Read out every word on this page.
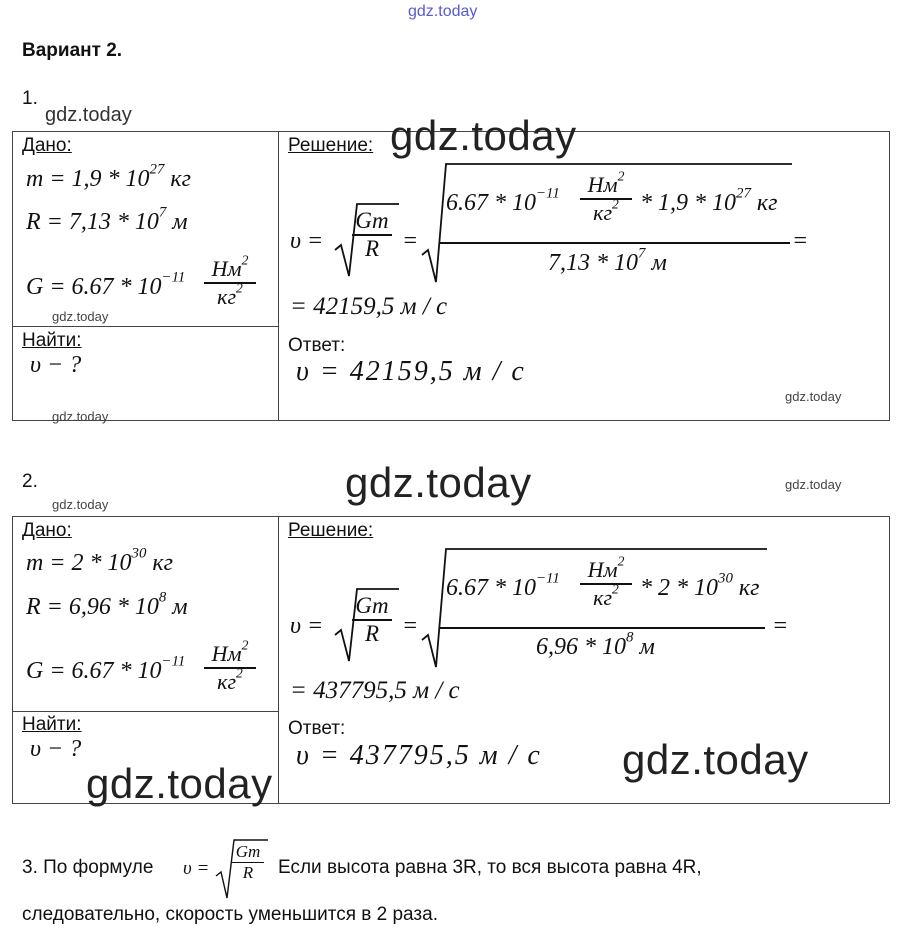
gdz.today
Вариант 2.
1.
gdz.today
Дано:
$m = 1,9 * 10^{27}$ кг
$R = 7,13 * 10^7$ м
$G = 6.67 * 10^{-11}$ $Нм^2$
$кг^2$
gdz.today
Найти:
υ − ?
gdz.today
Решение: gdz.today
υ =
Gm
R =
$6.67 * 10^{-11}$ $Нм^2$
$кг^2 * 1,9 * 10^{27}$ кг
$7,13 * 10^7$ м
=
= 42159,5 м / с
Ответ:
υ = 42159,5 м / с
gdz.today
2.
gdz.today	gdz.today	gdz.today
Дано:
$m = 2 * 10^{30}$ кг
$R = 6,96 * 10^8$ м
$G = 6.67 * 10^{-11}$ $Нм^2$
$кг^2$
Найти:
υ − ?
gdz.today
Решение:
υ =
Gm
R =
$6.67 * 10^{-11}$ $Нм^2$
$кг^2 * 2 * 10^{30}$ кг
$6,96 * 10^8$ м
=
= 437795,5 м / с
Ответ:
υ = 437795,5 м / с gdz.today
3. По формуле υ =
Gm
R Если высота равна 3R, то вся высота равна 4R,
следовательно, скорость уменьшится в 2 раза.
